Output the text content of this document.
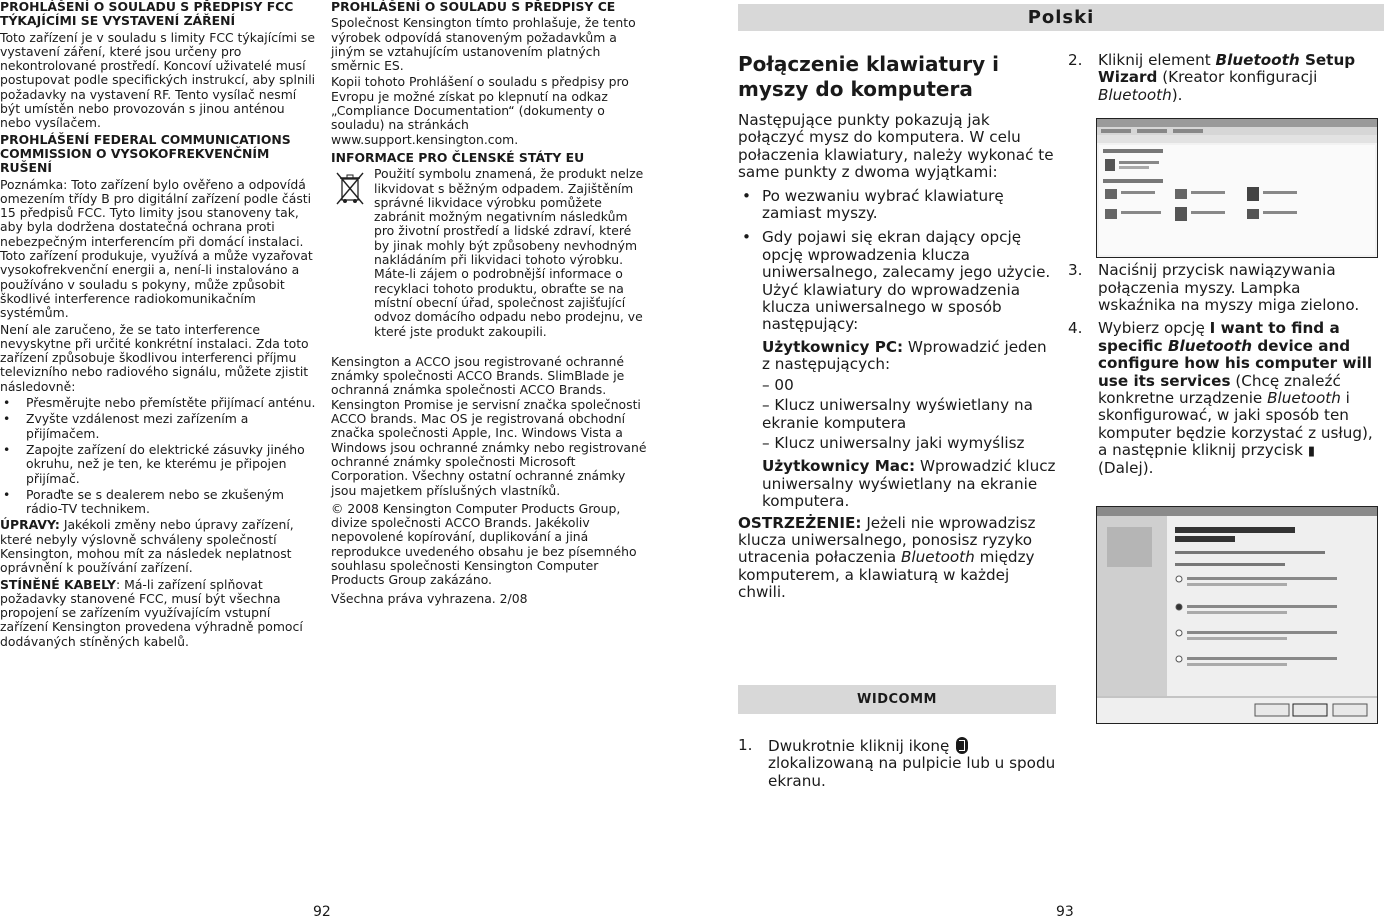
PROHLÁŠENÍ O SOULADU S PŘEDPISY FCC
TÝKAJÍCÍMI SE VYSTAVENÍ ZÁŘENÍ

Toto zařízení je v souladu s limity FCC týkajícími se vystavení záření, které jsou určeny pro nekontrolované prostředí. Koncoví uživatelé musí postupovat podle specifických instrukcí, aby splnili požadavky na vystavení RF. Tento vysílač nesmí být umístěn nebo provozován s jinou anténou nebo vysílačem.

PROHLÁŠENÍ FEDERAL COMMUNICATIONS
COMMISSION O VYSOKOFREKVENČNÍM
RUŠENÍ

Poznámka: Toto zařízení bylo ověřeno a odpovídá omezením třídy B pro digitální zařízení podle části 15 předpisů FCC. Tyto limity jsou stanoveny tak, aby byla dodržena dostatečná ochrana proti nebezpečným interferencím při domácí instalaci. Toto zařízení produkuje, využívá a může vyzařovat vysokofrekvenční energii a, není-li instalováno a používáno v souladu s pokyny, může způsobit škodlivé interference radiokomunikačním systémům.

Není ale zaručeno, že se tato interference nevyskytne při určité konkrétní instalaci. Zda toto zařízení způsobuje škodlivou interferenci příjmu televizního nebo radiového signálu, můžete zjistit následovně:

• Přesměrujte nebo přemístěte přijímací anténu.
• Zvyšte vzdálenost mezi zařízením a přijímačem.
• Zapojte zařízení do elektrické zásuvky jiného okruhu, než je ten, ke kterému je připojen přijímač.
• Poraďte se s dealerem nebo se zkušeným rádio-TV technikem.

ÚPRAVY: Jakékoli změny nebo úpravy zařízení, které nebyly výslovně schváleny společností Kensington, mohou mít za následek neplatnost oprávnění k používání zařízení.

STÍNĚNÉ KABELY: Má-li zařízení splňovat požadavky stanovené FCC, musí být všechna propojení se zařízením využívajícím vstupní zařízení Kensington provedena výhradně pomocí dodávaných stíněných kabelů.

PROHLÁŠENÍ O SOULADU S PŘEDPISY CE

Společnost Kensington tímto prohlašuje, že tento výrobek odpovídá stanoveným požadavkům a jiným se vztahujícím ustanovením platných směrnic ES.

Kopii tohoto Prohlášení o souladu s předpisy pro Evropu je možné získat po klepnutí na odkaz „Compliance Documentation“ (dokumenty o souladu) na stránkách www.support.kensington.com.

INFORMACE PRO ČLENSKÉ STÁTY EU

Použití symbolu znamená, že produkt nelze likvidovat s běžným odpadem. Zajištěním správné likvidace výrobku pomůžete zabránit možným negativním následkům pro životní prostředí a lidské zdraví, které by jinak mohly být způsobeny nevhodným nakládáním při likvidaci tohoto výrobku. Máte-li zájem o podrobnější informace o recyklaci tohoto produktu, obraťte se na místní obecní úřad, společnost zajišťující odvoz domácího odpadu nebo prodejnu, ve které jste produkt zakoupili.

Kensington a ACCO jsou registrované ochranné známky společnosti ACCO Brands. SlimBlade je ochranná známka společnosti ACCO Brands. Kensington Promise je servisní značka společnosti ACCO brands. Mac OS je registrovaná obchodní značka společnosti Apple, Inc. Windows Vista a Windows jsou ochranné známky nebo registrované ochranné známky společnosti Microsoft Corporation. Všechny ostatní ochranné známky jsou majetkem příslušných vlastníků.

© 2008 Kensington Computer Products Group, divize společnosti ACCO Brands. Jakékoliv nepovolené kopírování, duplikování a jiná reprodukce uvedeného obsahu je bez písemného souhlasu společnosti Kensington Computer Products Group zakázáno.

Všechna práva vyhrazena. 2/08

92
Polski
Połączenie klawiatury i myszy do komputera

Następujące punkty pokazują jak połączyć mysz do komputera. W celu połaczenia klawiatury, należy wykonać te same punkty z dwoma wyjątkami:

• Po wezwaniu wybrać klawiaturę zamiast myszy.
• Gdy pojawi się ekran dający opcję opcję wprowadzenia klucza uniwersalnego, zalecamy jego użycie. Użyć klawiatury do wprowadzenia klucza uniwersalnego w sposób następujący:

Użytkownicy PC: Wprowadzić jeden z następujących:

– 00

– Klucz uniwersalny wyświetlany na ekranie komputera

– Klucz uniwersalny jaki wymyślisz

Użytkownicy Mac: Wprowadzić klucz uniwersalny wyświetlany na ekranie komputera.

OSTRZEŻENIE: Jeżeli nie wprowadzisz klucza uniwersalnego, ponosisz ryzyko utracenia połaczenia Bluetooth między komputerem, a klawiaturą w każdej chwili.

WIDCOMM

1. Dwukrotnie kliknij ikonę  zlokalizowaną na pulpicie lub u spodu ekranu.

2. Kliknij element Bluetooth Setup Wizard (Kreator konfiguracji Bluetooth).

3. Naciśnij przycisk nawiązywania połączenia myszy. Lampka wskaźnika na myszy miga zielono.

4. Wybierz opcję I want to find a specific Bluetooth device and configure how his computer will use its services (Chcę znaleźć konkretne urządzenie Bluetooth i skonfigurować, w jaki sposób ten komputer będzie korzystać z usług), a następnie kliknij przycisk ▮ (Dalej).

93
